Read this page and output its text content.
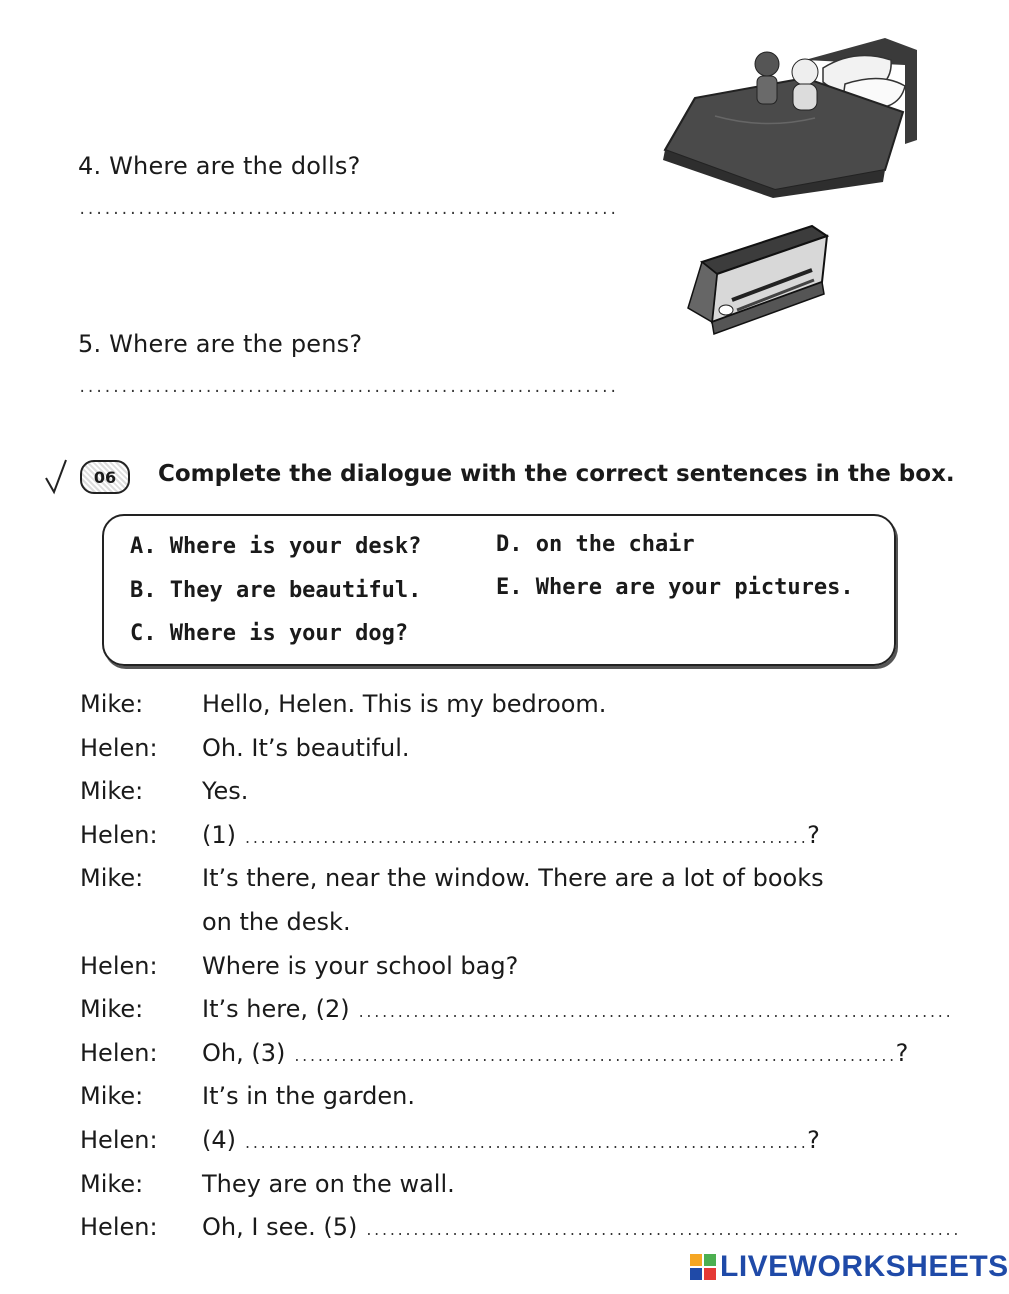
4. Where are the dolls?
................................................................
5. Where are the pens?
................................................................
06	Complete the dialogue with the correct sentences in the box.
A. Where is your desk?
B. They are beautiful.
C. Where is your dog?
D. on the chair
E. Where are your pictures.
Mike: Hello, Helen. This is my bedroom.
Helen: Oh. It’s beautiful.
Mike: Yes.
Helen: (1) ........................................................................?
Mike: It’s there, near the window. There are a lot of books
on the desk.
Helen: Where is your school bag?
Mike: It’s here, (2) ............................................................................
Helen: Oh, (3) .............................................................................?
Mike: It’s in the garden.
Helen: (4) ........................................................................?
Mike: They are on the wall.
Helen: Oh, I see. (5) ............................................................................
LIVEWORKSHEETS
